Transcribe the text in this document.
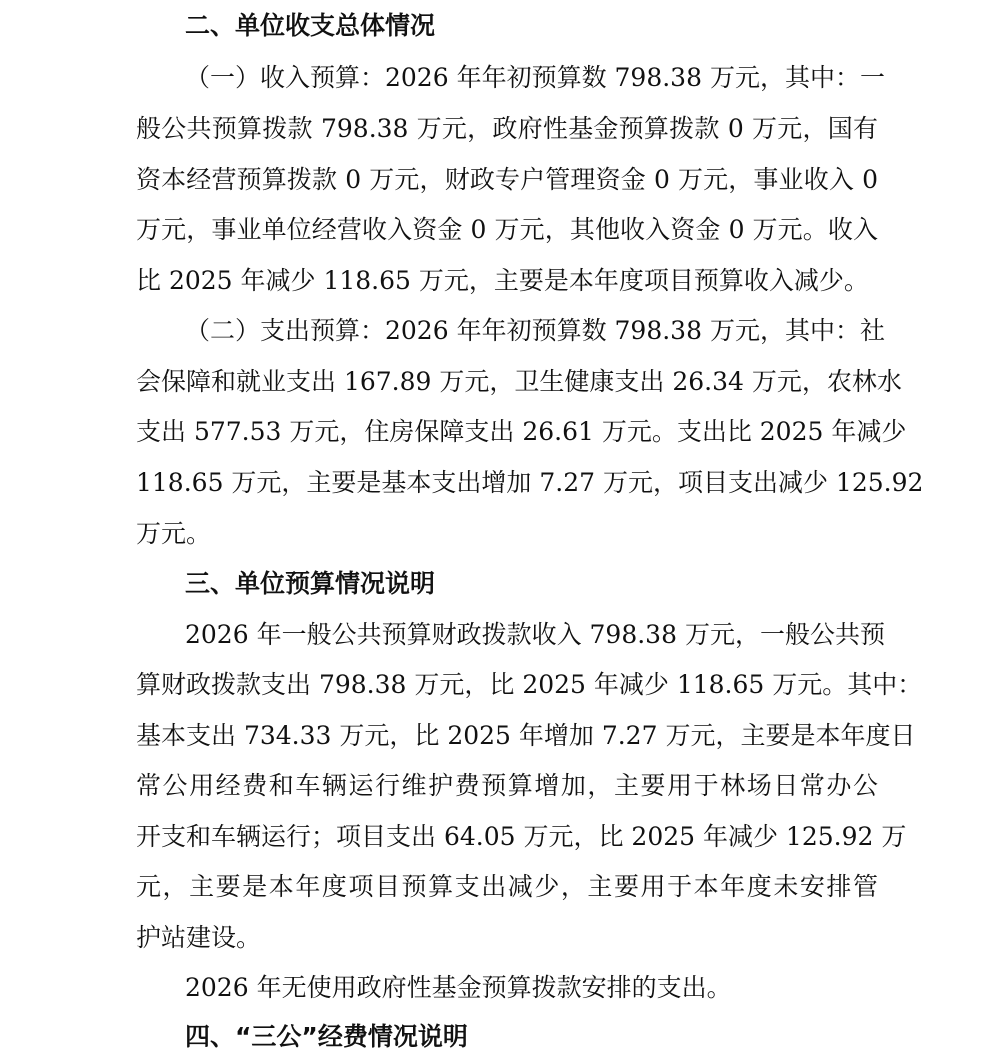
二、单位收支总体情况
（一）收入预算：2026 年年初预算数 798.38 万元，其中：一
般公共预算拨款 798.38 万元，政府性基金预算拨款 0 万元，国有
资本经营预算拨款 0 万元，财政专户管理资金 0 万元，事业收入 0
万元，事业单位经营收入资金 0 万元，其他收入资金 0 万元。收入
比 2025 年减少 118.65 万元，主要是本年度项目预算收入减少。
（二）支出预算：2026 年年初预算数 798.38 万元，其中：社
会保障和就业支出 167.89 万元，卫生健康支出 26.34 万元，农林水
支出 577.53 万元，住房保障支出 26.61 万元。支出比 2025 年减少
118.65 万元，主要是基本支出增加 7.27 万元，项目支出减少 125.92
万元。
三、单位预算情况说明
2026 年一般公共预算财政拨款收入 798.38 万元，一般公共预
算财政拨款支出 798.38 万元，比 2025 年减少 118.65 万元。其中：
基本支出 734.33 万元，比 2025 年增加 7.27 万元，主要是本年度日
常公用经费和车辆运行维护费预算增加，主要用于林场日常办公
开支和车辆运行；项目支出 64.05 万元，比 2025 年减少 125.92 万
元，主要是本年度项目预算支出减少，主要用于本年度未安排管
护站建设。
2026 年无使用政府性基金预算拨款安排的支出。
四、“三公”经费情况说明
